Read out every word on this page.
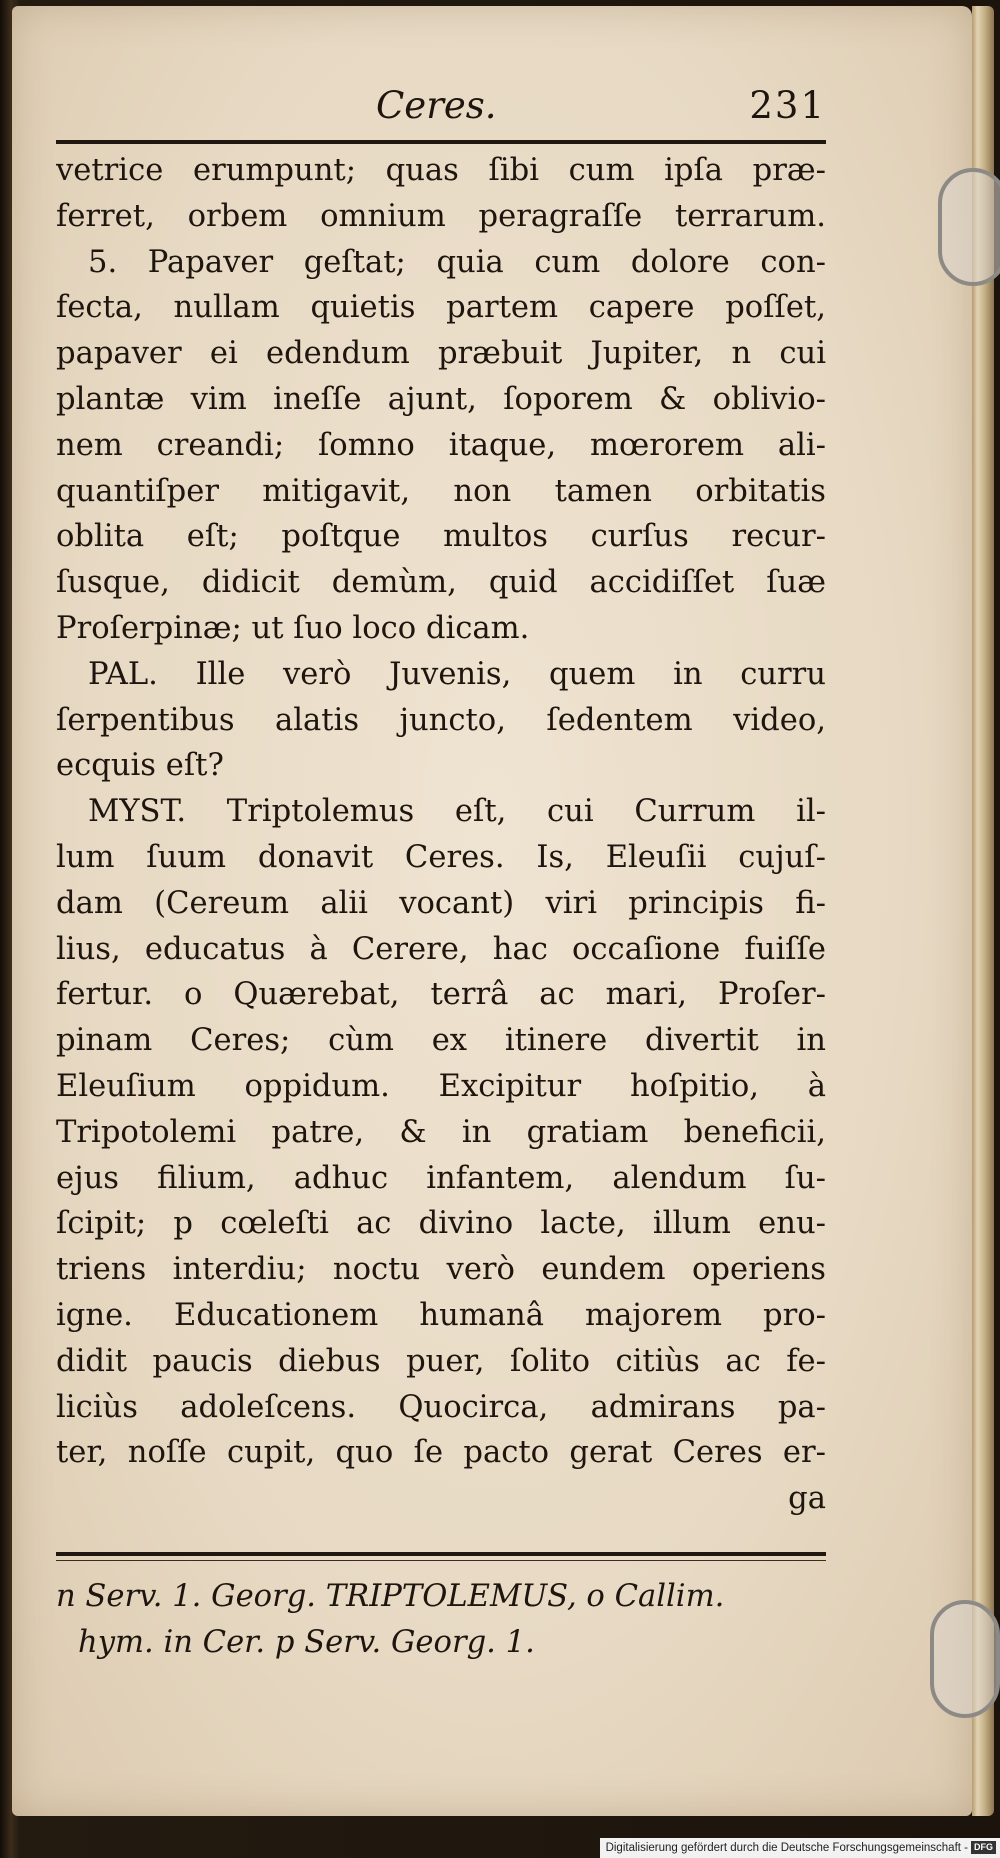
Ceres.	231
vetrice erumpunt; quas ſibi cum ipſa præ-
ferret, orbem omnium peragraſſe terrarum.
5. Papaver geſtat; quia cum dolore con-
fecta, nullam quietis partem capere poſſet,
papaver ei edendum præbuit Jupiter, n cui
plantæ vim ineſſe ajunt, ſoporem & oblivio-
nem creandi; ſomno itaque, mœrorem ali-
quantiſper mitigavit, non tamen orbitatis
oblita eſt; poſtque multos curſus recur-
ſusque, didicit demùm, quid accidiſſet ſuæ
Proſerpinæ; ut ſuo loco dicam.
PAL. Ille verò Juvenis, quem in curru
ſerpentibus alatis juncto, ſedentem video,
ecquis eſt?
MYST. Triptolemus eſt, cui Currum il-
lum ſuum donavit Ceres. Is, Eleuſii cujuſ-
dam (Cereum alii vocant) viri principis fi-
lius, educatus à Cerere, hac occaſione fuiſſe
fertur. o Quærebat, terrâ ac mari, Proſer-
pinam Ceres; cùm ex itinere divertit in
Eleuſium oppidum. Excipitur hoſpitio, à
Tripotolemi patre, & in gratiam beneficii,
ejus filium, adhuc infantem, alendum ſu-
ſcipit; p cœleſti ac divino lacte, illum enu-
triens interdiu; noctu verò eundem operiens
igne. Educationem humanâ majorem pro-
didit paucis diebus puer, ſolito citiùs ac fe-
liciùs adoleſcens. Quocirca, admirans pa-
ter, noſſe cupit, quo ſe pacto gerat Ceres er-
ga
n Serv. 1. Georg. TRIPTOLEMUS, o Callim.
hym. in Cer. p Serv. Georg. 1.
Digitalisierung gefördert durch die Deutsche Forschungsgemeinschaft - DFG
